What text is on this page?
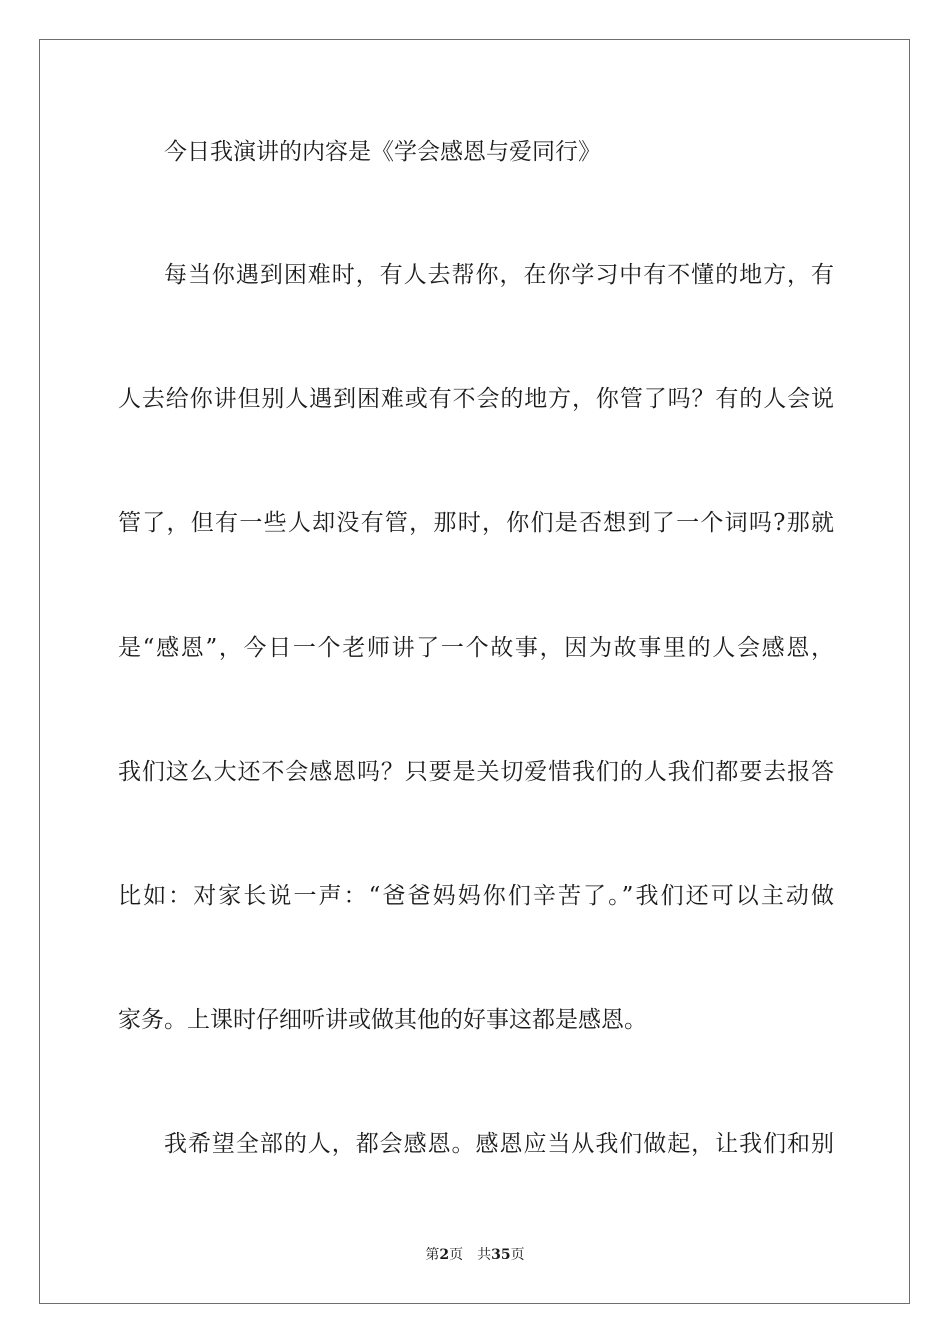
今日我演讲的内容是《学会感恩与爱同行》
每当你遇到困难时，有人去帮你，在你学习中有不懂的地方，有
人去给你讲但别人遇到困难或有不会的地方，你管了吗？有的人会说
管了，但有一些人却没有管，那时，你们是否想到了一个词吗?那就
是“感恩”，今日一个老师讲了一个故事，因为故事里的人会感恩，
我们这么大还不会感恩吗？只要是关切爱惜我们的人我们都要去报答
比如：对家长说一声：“爸爸妈妈你们辛苦了。”我们还可以主动做
家务。上课时仔细听讲或做其他的好事这都是感恩。
我希望全部的人，都会感恩。感恩应当从我们做起，让我们和别
第2页 共35页
